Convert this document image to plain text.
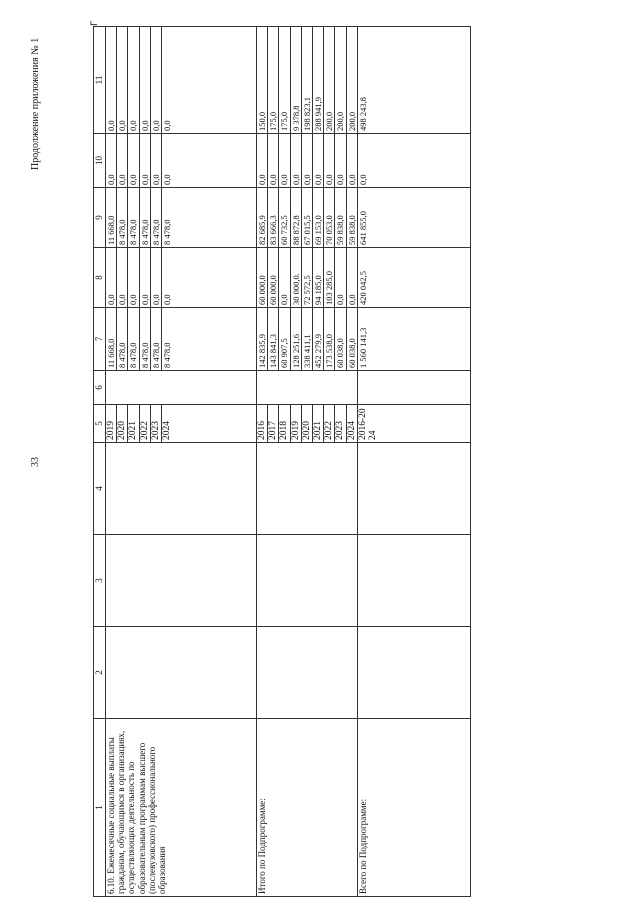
33
Продолжение приложения № 1
Γ
1	2	3	4	5	6	7	8	9	10	11
6.10. Ежемесячные социальные выплаты гражданам, обучающимся в организациях, осуществляющих деятельность по образовательным программам высшего (послевузовского) профессионального образования				2019		11 668,0	0,0	11 668,0	0,0	0,0
				2020		8 478,0	0,0	8 478,0	0,0	0,0
				2021		8 478,0	0,0	8 478,0	0,0	0,0
				2022		8 478,0	0,0	8 478,0	0,0	0,0
				2023		8 478,0	0,0	8 478,0	0,0	0,0
				2024		8 478,0	0,0	8 478,0	0,0	0,0
Итого по Подпрограмме:				2016		142 835,9	60 000,0	82 685,9	0,0	150,0
				2017		143 841,3	60 000,0	83 666,3	0,0	175,0
				2018		60 907,5	0,0	60 732,5	0,0	175,0
				2019		128 251,6	30 000,0.	88 872,8	0,0	9 378,8
				2020		338 411,1	72 572,5	67 015,5	0,0	198 823,1
				2021		452 279,9	94 185,0	69 153,0	0,0	288 941,9
				2022		173 538,0	103 285,0	70 053,0	0,0	200,0
				2023		60 038,0	0,0	59 838,0	0,0	200,0
				2024		60 038,0	0,0	59 838,0	0,0	200,0
Всего по Подпрограмме:				2016-2024		1 560 141,3	420 042,5	641 855,0	0,0	498 243,8
